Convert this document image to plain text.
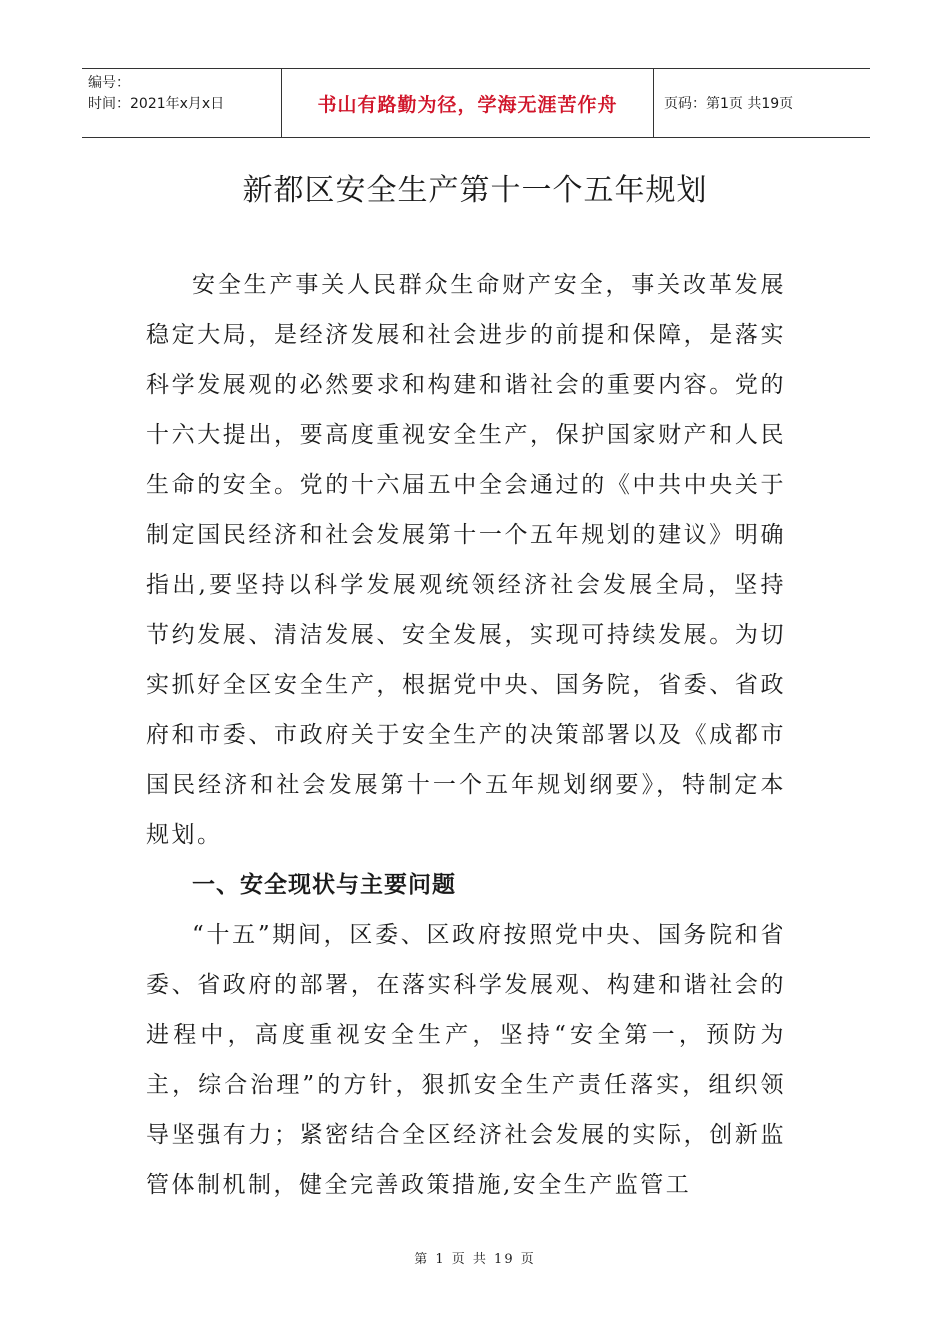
编号：
时间：2021年x月x日	书山有路勤为径，学海无涯苦作舟	页码：第1页 共19页
新都区安全生产第十一个五年规划

安全生产事关人民群众生命财产安全，事关改革发展稳定大局，是经济发展和社会进步的前提和保障，是落实科学发展观的必然要求和构建和谐社会的重要内容。党的十六大提出，要高度重视安全生产，保护国家财产和人民生命的安全。党的十六届五中全会通过的《中共中央关于制定国民经济和社会发展第十一个五年规划的建议》明确指出,要坚持以科学发展观统领经济社会发展全局，坚持节约发展、清洁发展、安全发展，实现可持续发展。为切实抓好全区安全生产，根据党中央、国务院，省委、省政府和市委、市政府关于安全生产的决策部署以及《成都市国民经济和社会发展第十一个五年规划纲要》，特制定本规划。

一、安全现状与主要问题

“十五”期间，区委、区政府按照党中央、国务院和省委、省政府的部署，在落实科学发展观、构建和谐社会的进程中，高度重视安全生产，坚持“安全第一，预防为主，综合治理”的方针，狠抓安全生产责任落实，组织领导坚强有力；紧密结合全区经济社会发展的实际，创新监管体制机制，健全完善政策措施,安全生产监管工

第 1 页 共 19 页
